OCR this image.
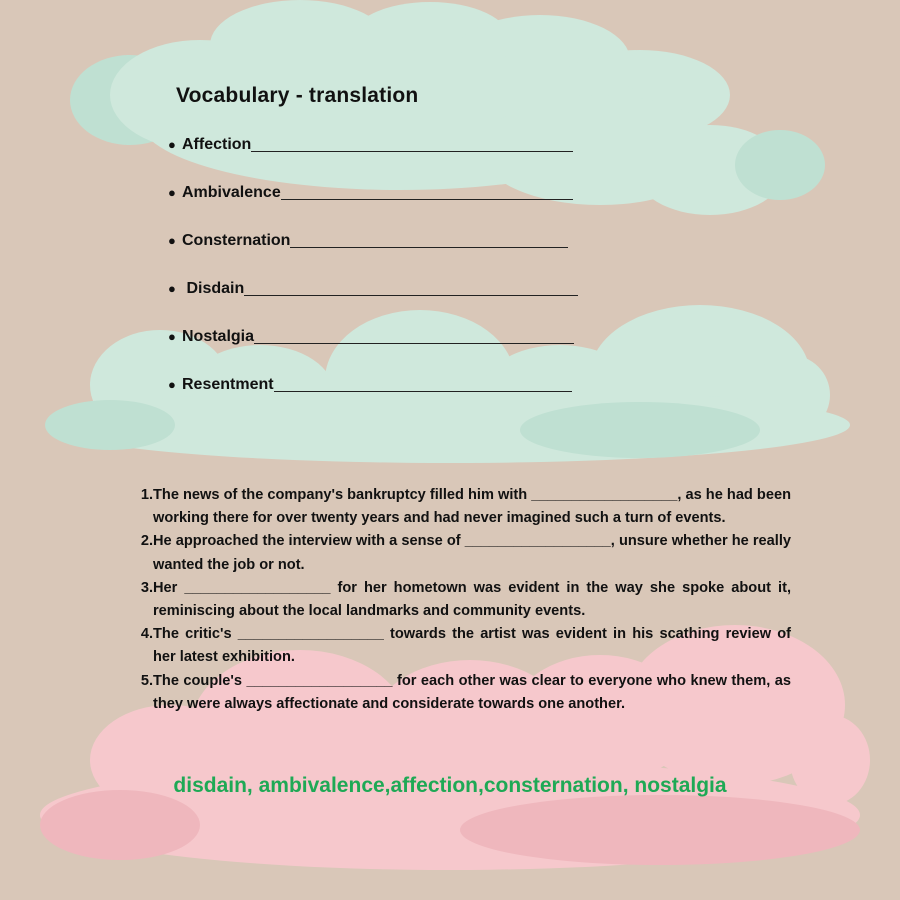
Vocabulary - translation
● Affection
● Ambivalence
● Consternation
● Disdain
● Nostalgia
● Resentment
1. The news of the company's bankruptcy filled him with __________________, as he had been working there for over twenty years and had never imagined such a turn of events.
2. He approached the interview with a sense of __________________, unsure whether he really wanted the job or not.
3. Her __________________ for her hometown was evident in the way she spoke about it, reminiscing about the local landmarks and community events.
4. The critic's __________________ towards the artist was evident in his scathing review of her latest exhibition.
5. The couple's __________________ for each other was clear to everyone who knew them, as they were always affectionate and considerate towards one another.

disdain, ambivalence,affection,consternation, nostalgia
